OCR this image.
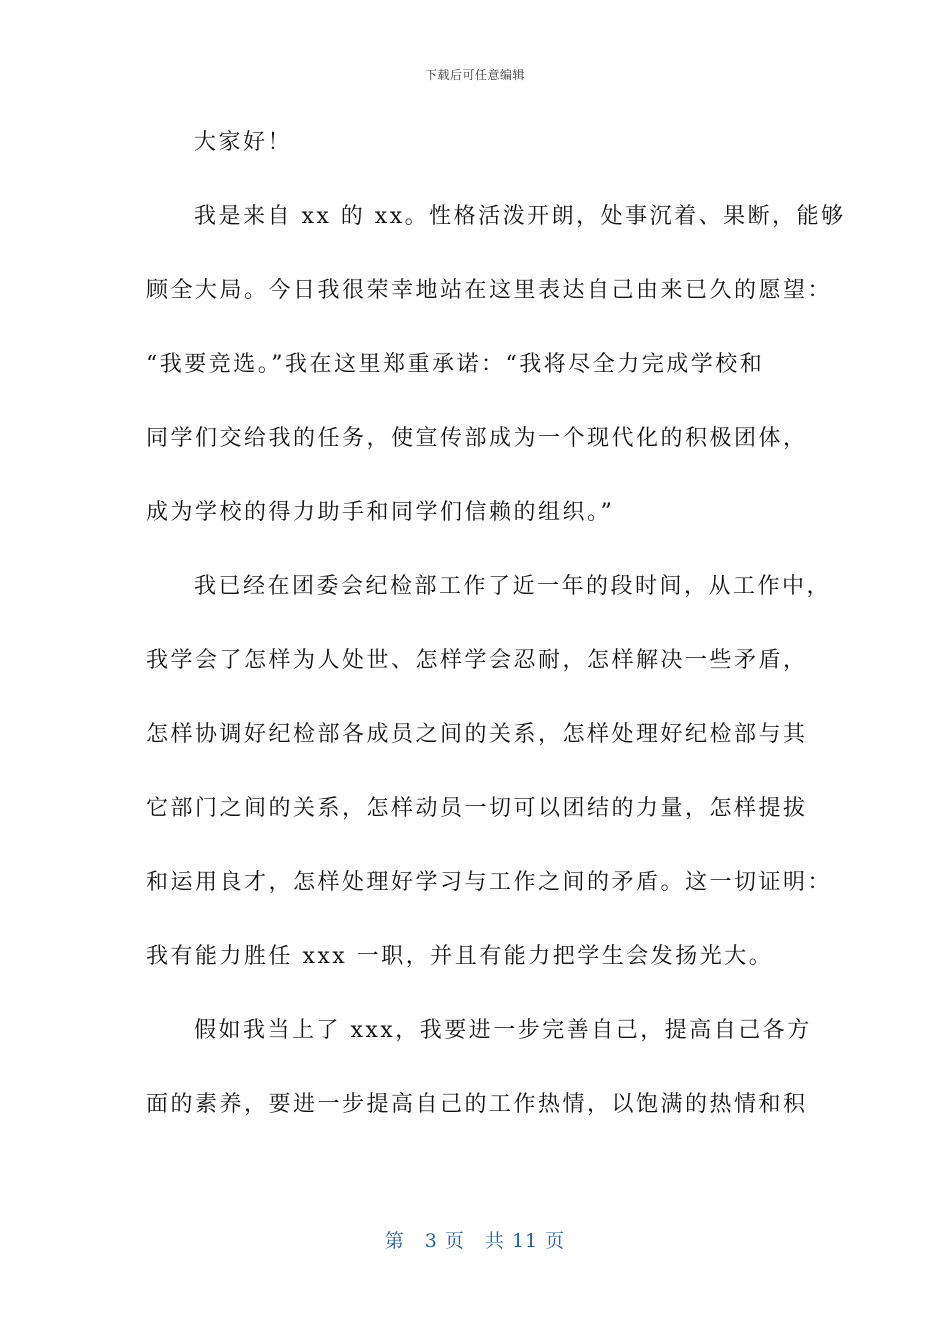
下载后可任意编辑
大家好！
我是来自 xx 的 xx。性格活泼开朗，处事沉着、果断，能够
顾全大局。今日我很荣幸地站在这里表达自己由来已久的愿望：
“我要竞选。”我在这里郑重承诺：“我将尽全力完成学校和
同学们交给我的任务，使宣传部成为一个现代化的积极团体，
成为学校的得力助手和同学们信赖的组织。”
我已经在团委会纪检部工作了近一年的段时间，从工作中，
我学会了怎样为人处世、怎样学会忍耐，怎样解决一些矛盾，
怎样协调好纪检部各成员之间的关系，怎样处理好纪检部与其
它部门之间的关系，怎样动员一切可以团结的力量，怎样提拔
和运用良才，怎样处理好学习与工作之间的矛盾。这一切证明：
我有能力胜任 xxx 一职，并且有能力把学生会发扬光大。
假如我当上了 xxx，我要进一步完善自己，提高自己各方
面的素养，要进一步提高自己的工作热情，以饱满的热情和积
第　3 页　共 11 页
